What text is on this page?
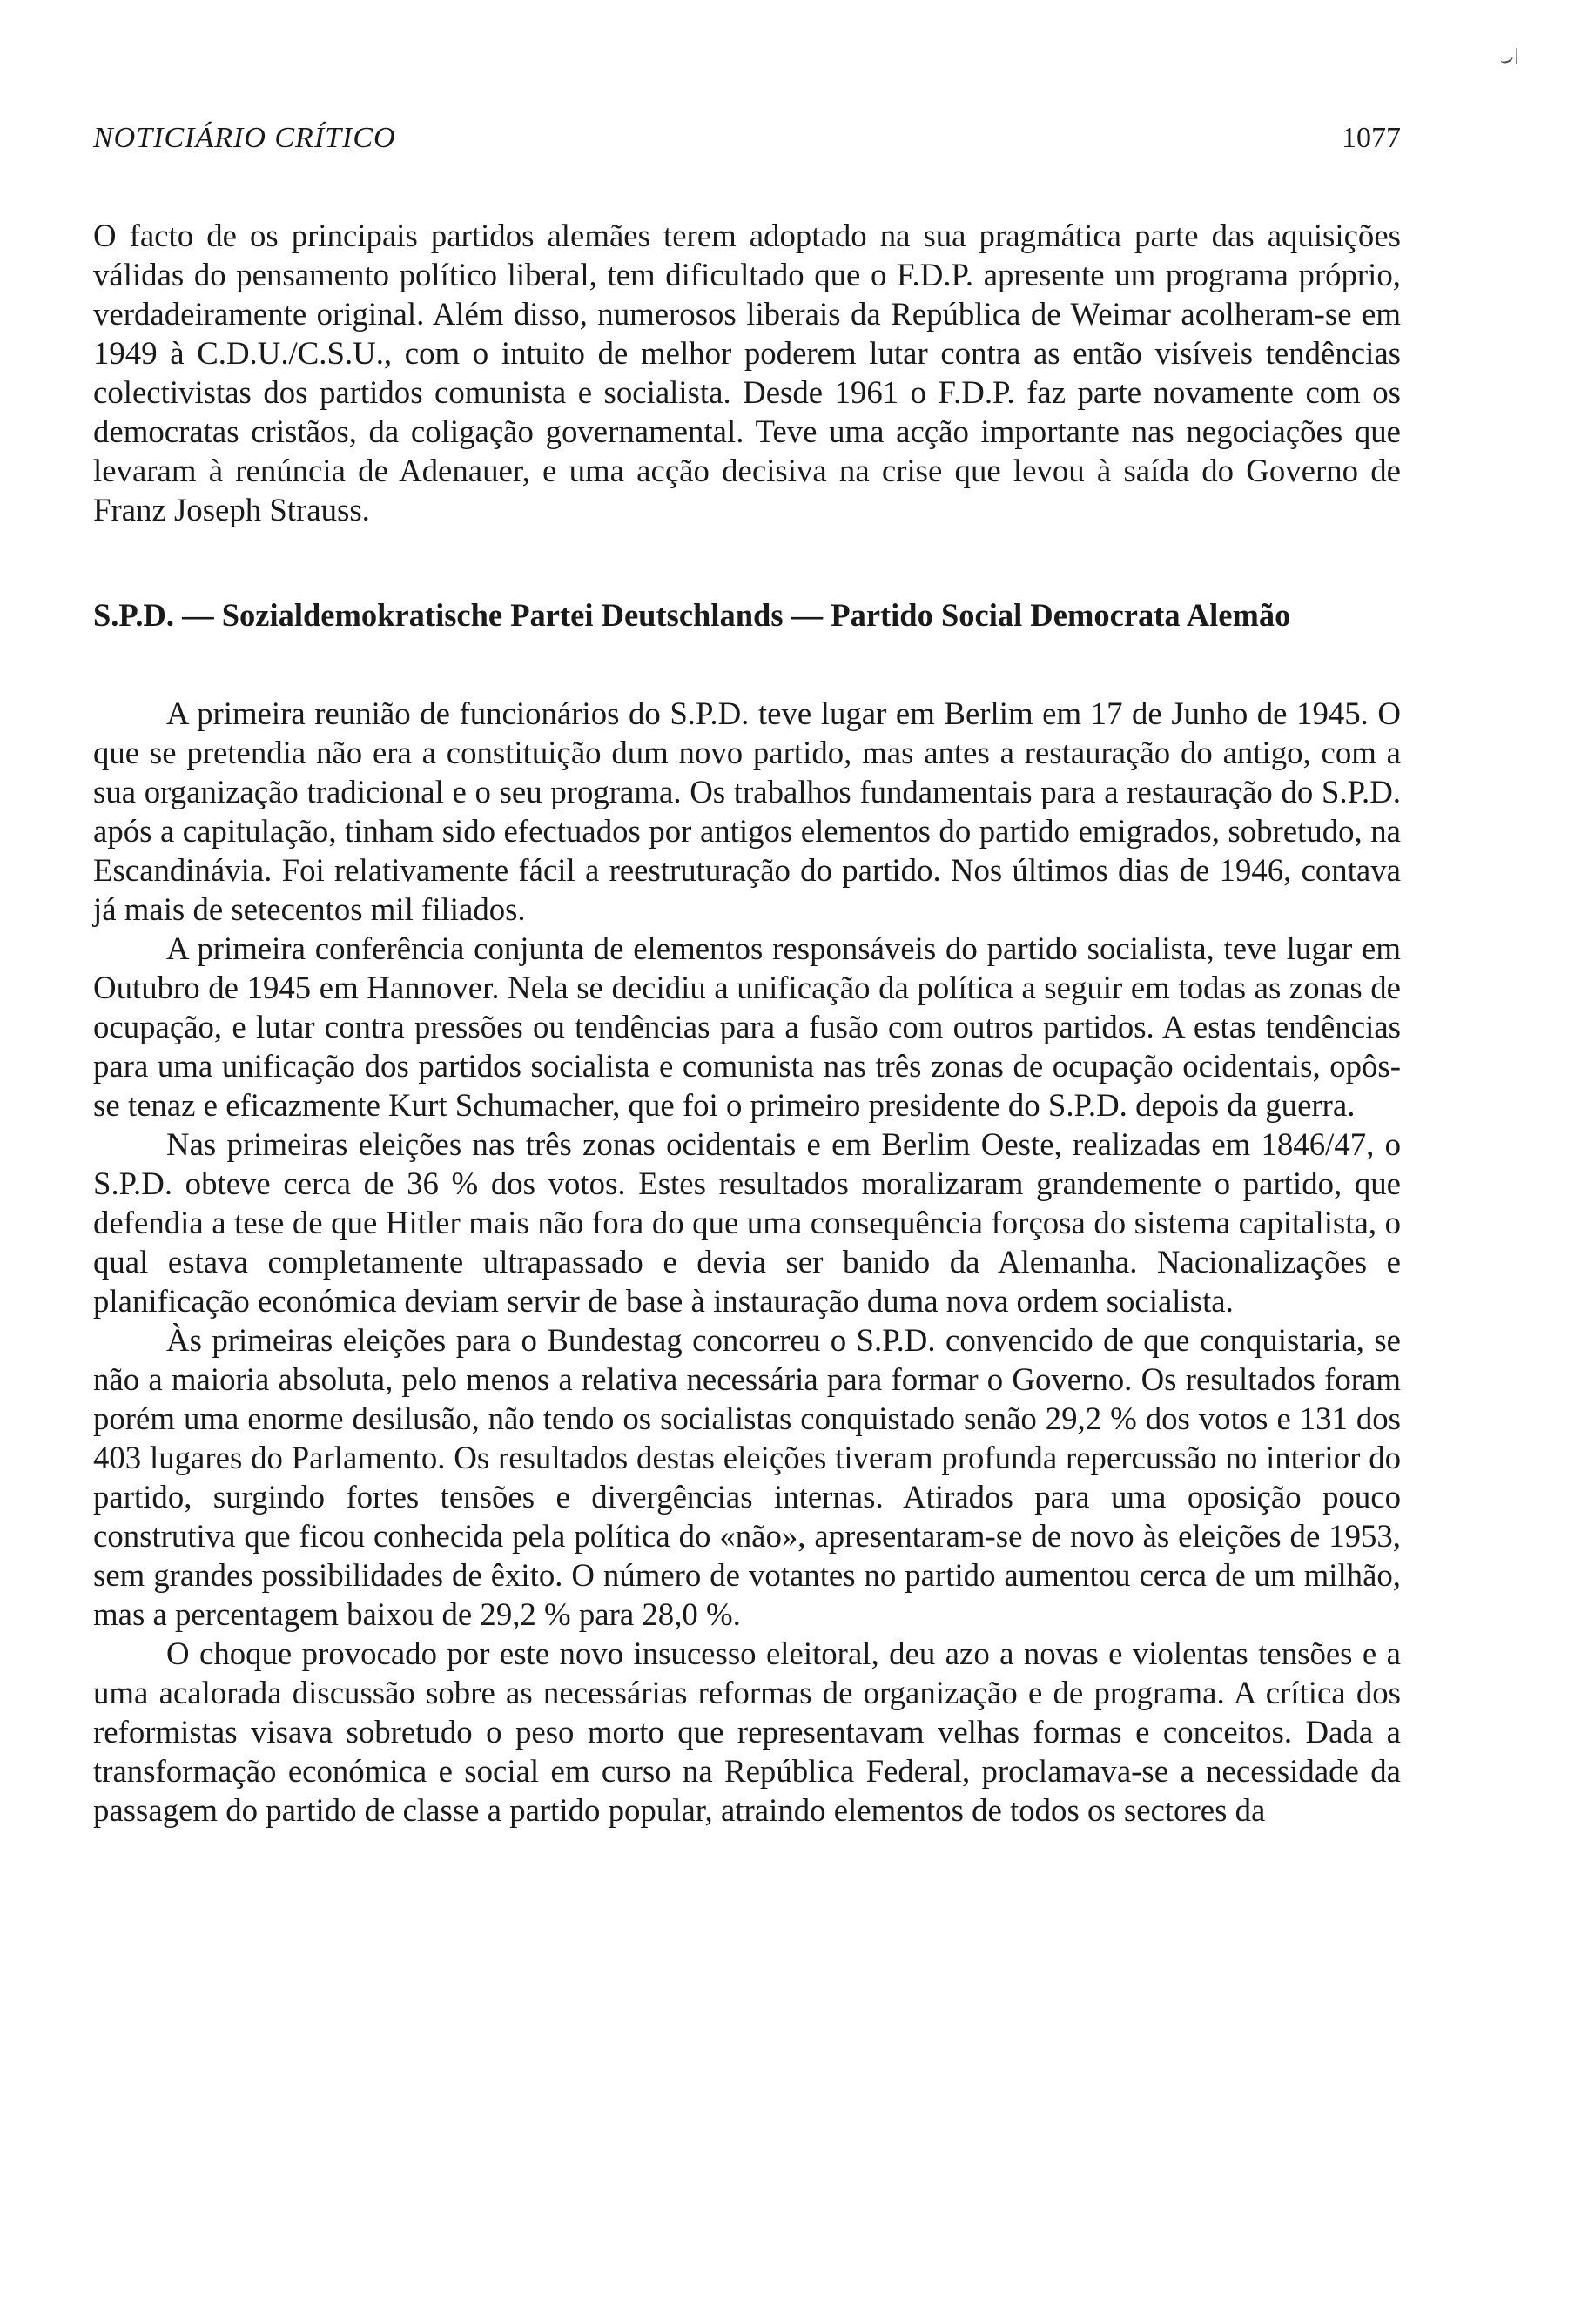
⌣/
NOTICIÁRIO CRÍTICO	1077

O facto de os principais partidos alemães terem adoptado na sua pragmática parte das aquisições válidas do pensamento político liberal, tem dificultado que o F.D.P. apresente um programa próprio, verdadeiramente original. Além disso, numerosos liberais da República de Weimar acolheram-se em 1949 à C.D.U./C.S.U., com o intuito de melhor poderem lutar contra as então visíveis tendências colectivistas dos partidos comunista e socialista. Desde 1961 o F.D.P. faz parte novamente com os democratas cristãos, da coligação governamental. Teve uma acção importante nas negociações que levaram à renúncia de Adenauer, e uma acção decisiva na crise que levou à saída do Governo de Franz Joseph Strauss.

S.P.D. — Sozialdemokratische Partei Deutschlands — Partido Social Democrata Alemão

A primeira reunião de funcionários do S.P.D. teve lugar em Berlim em 17 de Junho de 1945. O que se pretendia não era a constituição dum novo partido, mas antes a restauração do antigo, com a sua organização tradicional e o seu programa. Os trabalhos fundamentais para a restauração do S.P.D. após a capitulação, tinham sido efectuados por antigos elementos do partido emigrados, sobretudo, na Escandinávia. Foi relativamente fácil a reestruturação do partido. Nos últimos dias de 1946, contava já mais de setecentos mil filiados.

A primeira conferência conjunta de elementos responsáveis do partido socialista, teve lugar em Outubro de 1945 em Hannover. Nela se decidiu a unificação da política a seguir em todas as zonas de ocupação, e lutar contra pressões ou tendências para a fusão com outros partidos. A estas tendências para uma unificação dos partidos socialista e comunista nas três zonas de ocupação ocidentais, opôs-se tenaz e eficazmente Kurt Schumacher, que foi o primeiro presidente do S.P.D. depois da guerra.

Nas primeiras eleições nas três zonas ocidentais e em Berlim Oeste, realizadas em 1846/47, o S.P.D. obteve cerca de 36 % dos votos. Estes resultados moralizaram grandemente o partido, que defendia a tese de que Hitler mais não fora do que uma consequência forçosa do sistema capitalista, o qual estava completamente ultrapassado e devia ser banido da Alemanha. Nacionalizações e planificação económica deviam servir de base à instauração duma nova ordem socialista.

Às primeiras eleições para o Bundestag concorreu o S.P.D. convencido de que conquistaria, se não a maioria absoluta, pelo menos a relativa necessária para formar o Governo. Os resultados foram porém uma enorme desilusão, não tendo os socialistas conquistado senão 29,2 % dos votos e 131 dos 403 lugares do Parlamento. Os resultados destas eleições tiveram profunda repercussão no interior do partido, surgindo fortes tensões e divergências internas. Atirados para uma oposição pouco construtiva que ficou conhecida pela política do «não», apresentaram-se de novo às eleições de 1953, sem grandes possibilidades de êxito. O número de votantes no partido aumentou cerca de um milhão, mas a percentagem baixou de 29,2 % para 28,0 %.

O choque provocado por este novo insucesso eleitoral, deu azo a novas e violentas tensões e a uma acalorada discussão sobre as necessárias reformas de organização e de programa. A crítica dos reformistas visava sobretudo o peso morto que representavam velhas formas e conceitos. Dada a transformação económica e social em curso na República Federal, proclamava-se a necessidade da passagem do partido de classe a partido popular, atraindo elementos de todos os sectores da
